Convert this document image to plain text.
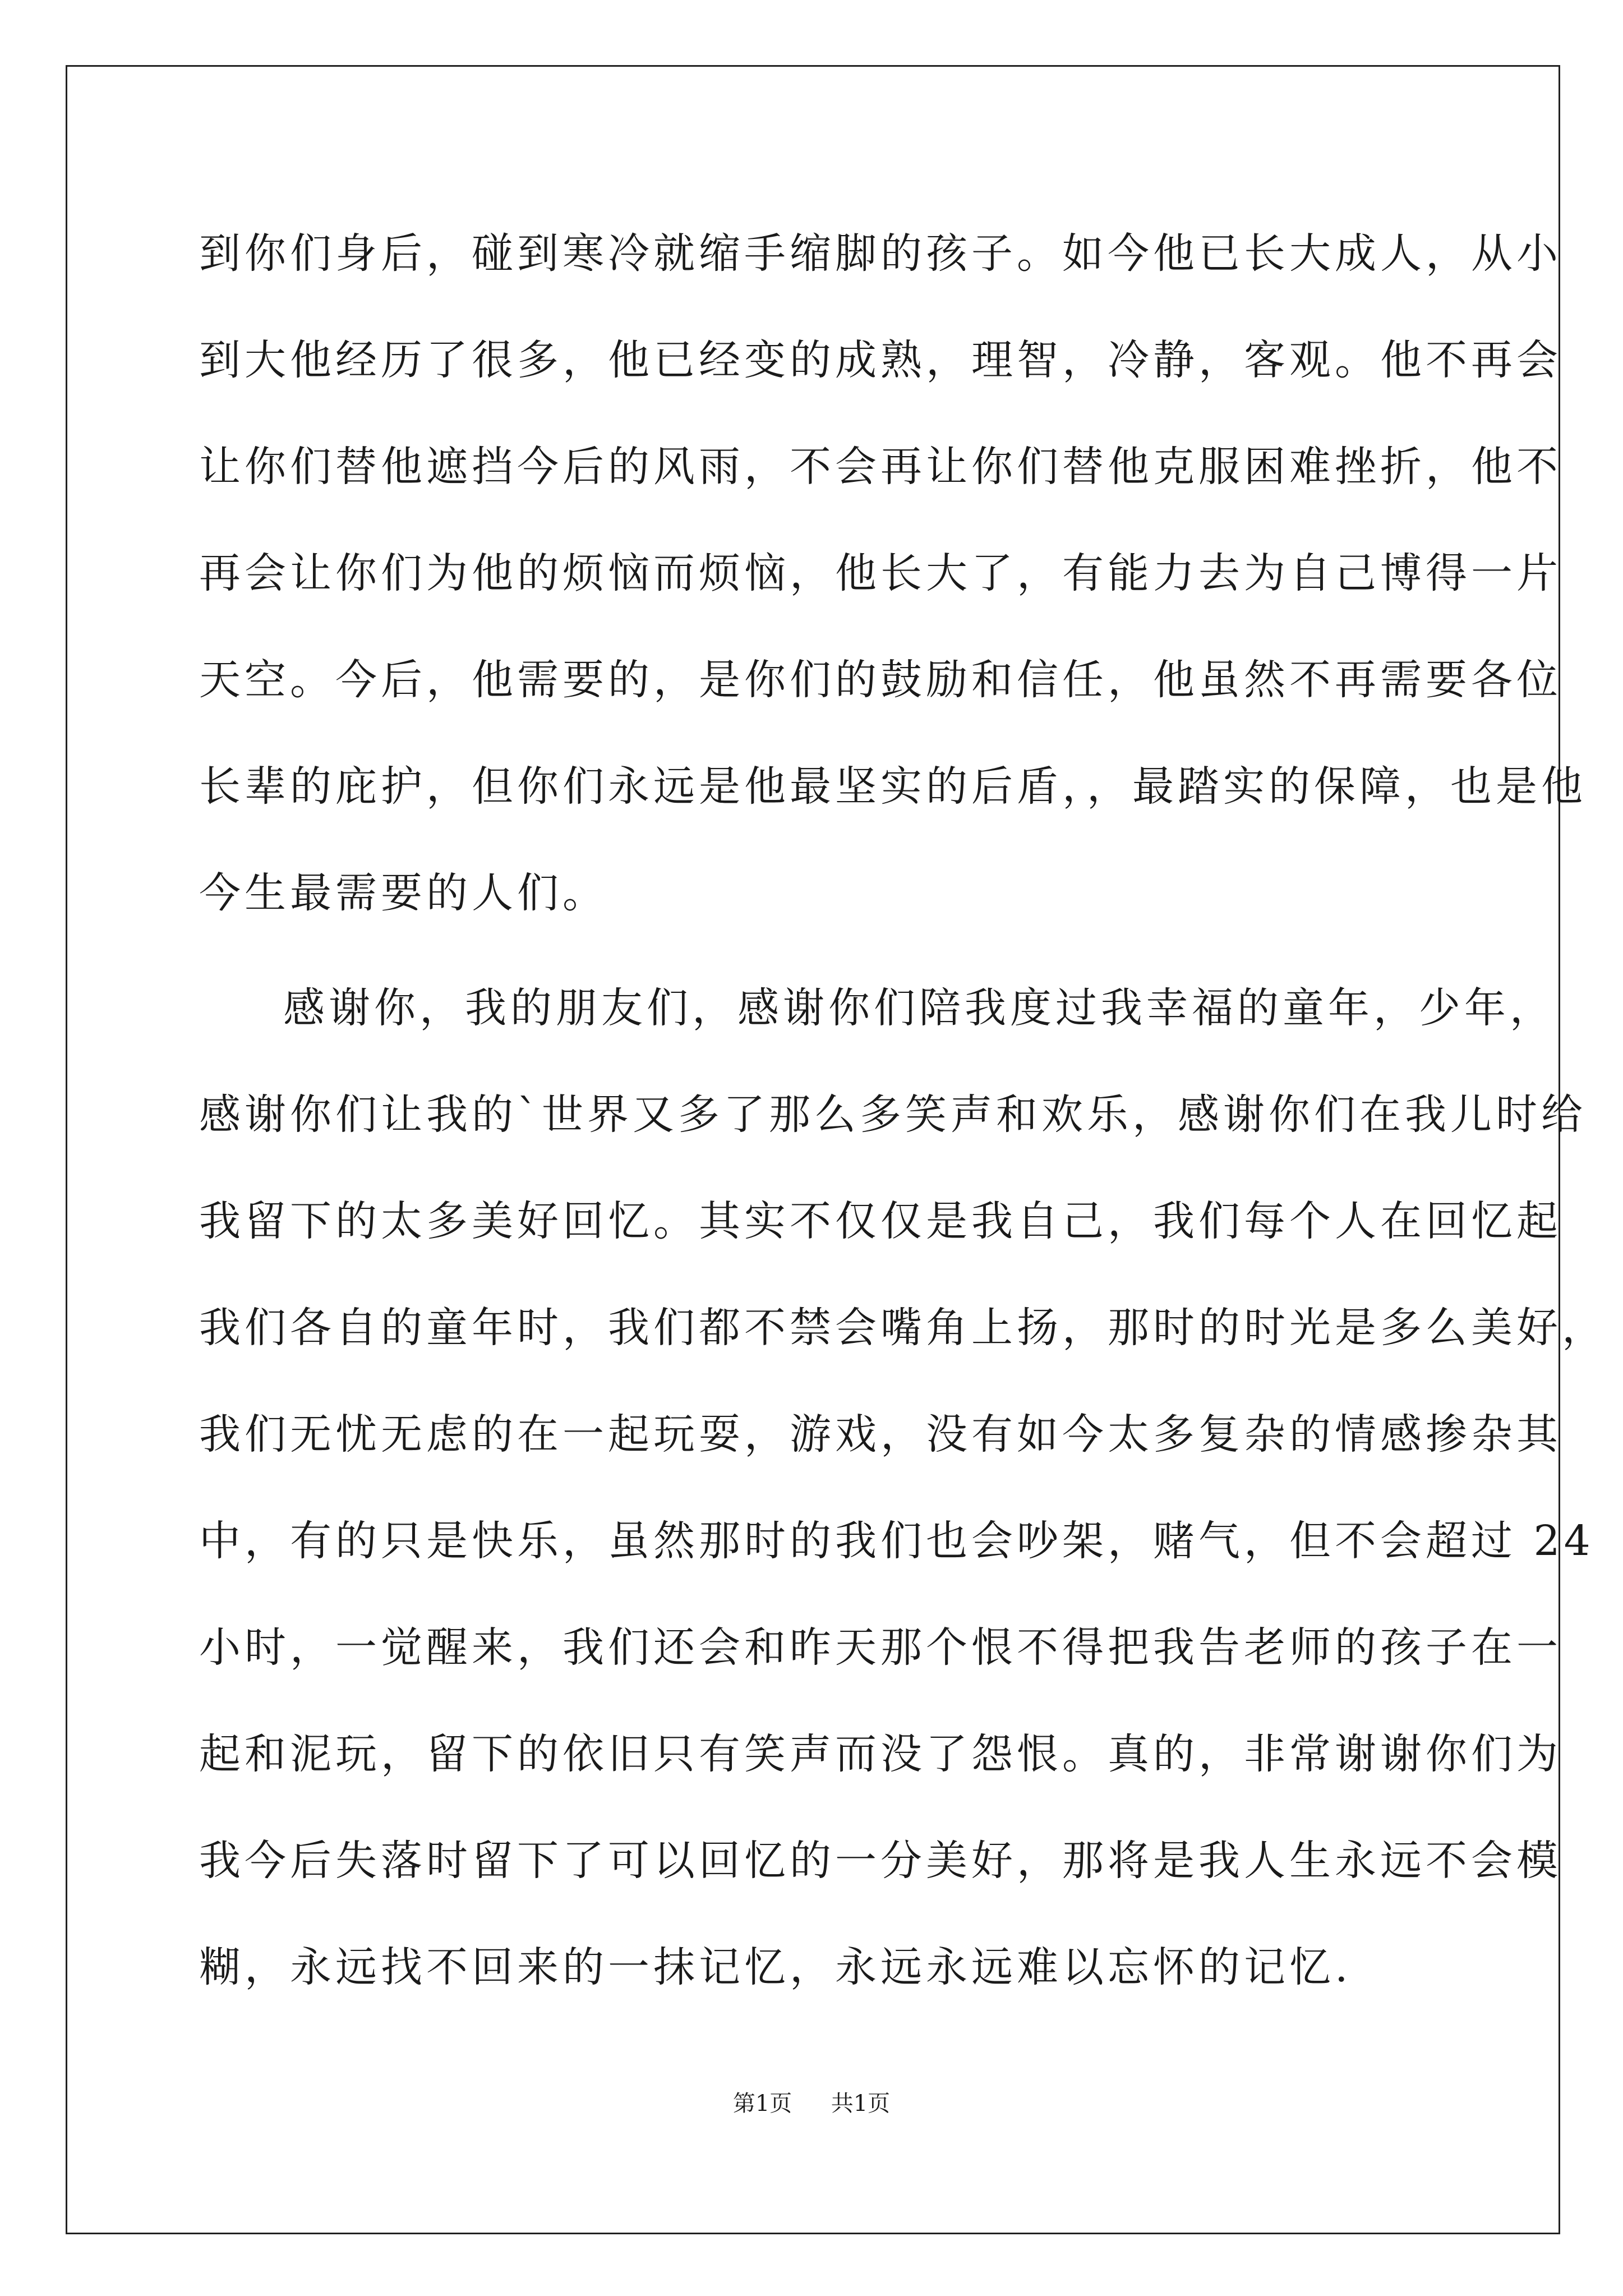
到你们身后，碰到寒冷就缩手缩脚的孩子。如今他已长大成人，从小
到大他经历了很多，他已经变的成熟，理智，冷静，客观。他不再会
让你们替他遮挡今后的风雨，不会再让你们替他克服困难挫折，他不
再会让你们为他的烦恼而烦恼，他长大了，有能力去为自己博得一片
天空。今后，他需要的，是你们的鼓励和信任，他虽然不再需要各位
长辈的庇护，但你们永远是他最坚实的后盾，，最踏实的保障，也是他
今生最需要的人们。
感谢你，我的朋友们，感谢你们陪我度过我幸福的童年，少年，
感谢你们让我的`世界又多了那么多笑声和欢乐，感谢你们在我儿时给
我留下的太多美好回忆。其实不仅仅是我自己，我们每个人在回忆起
我们各自的童年时，我们都不禁会嘴角上扬，那时的时光是多么美好，
我们无忧无虑的在一起玩耍，游戏，没有如今太多复杂的情感掺杂其
中，有的只是快乐，虽然那时的我们也会吵架，赌气，但不会超过 24
小时，一觉醒来，我们还会和昨天那个恨不得把我告老师的孩子在一
起和泥玩，留下的依旧只有笑声而没了怨恨。真的，非常谢谢你们为
我今后失落时留下了可以回忆的一分美好，那将是我人生永远不会模
糊，永远找不回来的一抹记忆，永远永远难以忘怀的记忆.
第1页 共1页
